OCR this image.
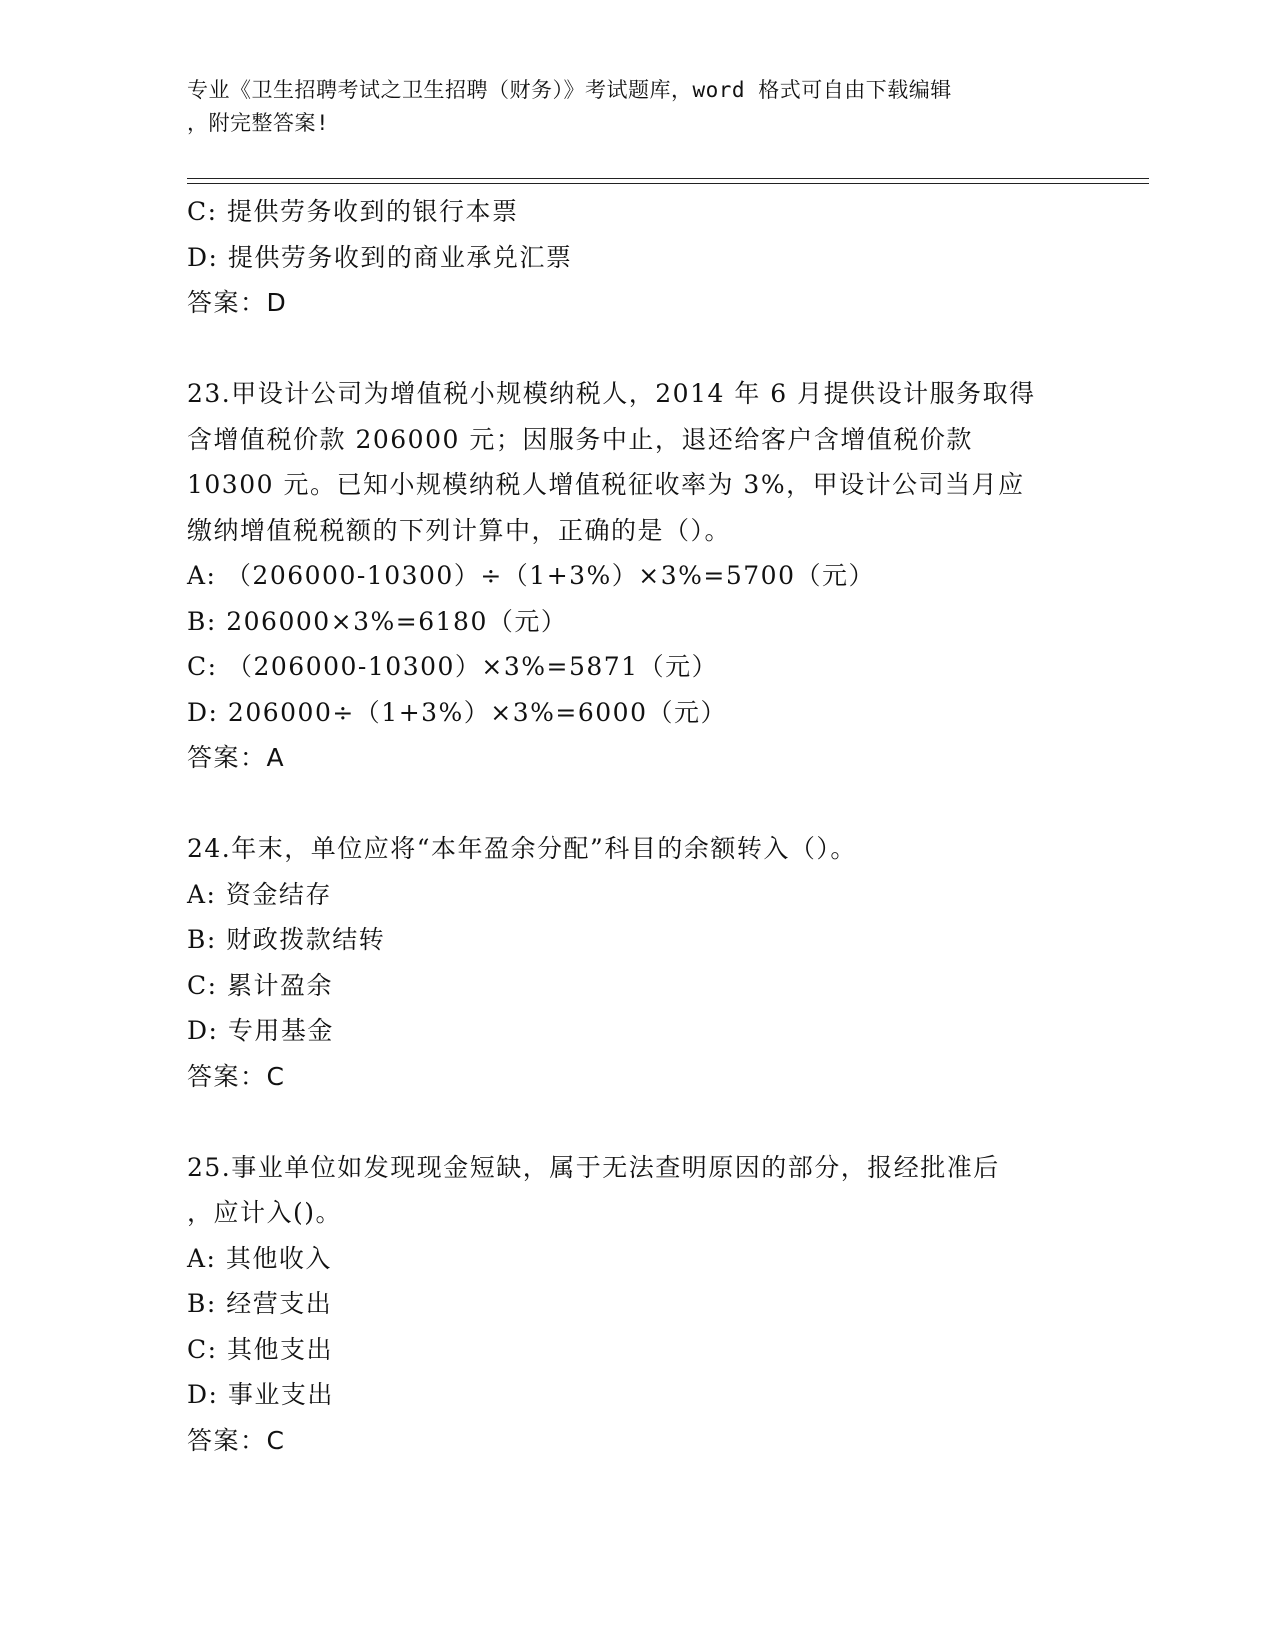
专业《卫生招聘考试之卫生招聘（财务）》考试题库，word 格式可自由下载编辑
，附完整答案!
C: 提供劳务收到的银行本票
D: 提供劳务收到的商业承兑汇票
答案：D
23.甲设计公司为增值税小规模纳税人，2014 年 6 月提供设计服务取得
含增值税价款 206000 元；因服务中止，退还给客户含增值税价款
10300 元。已知小规模纳税人增值税征收率为 3%，甲设计公司当月应
缴纳增值税税额的下列计算中，正确的是（）。
A: （206000-10300）÷（1+3%）×3%=5700（元）
B: 206000×3%=6180（元）
C: （206000-10300）×3%=5871（元）
D: 206000÷（1+3%）×3%=6000（元）
答案：A
24.年末，单位应将“本年盈余分配”科目的余额转入（）。
A: 资金结存
B: 财政拨款结转
C: 累计盈余
D: 专用基金
答案：C
25.事业单位如发现现金短缺，属于无法查明原因的部分，报经批准后
，应计入()。
A: 其他收入
B: 经营支出
C: 其他支出
D: 事业支出
答案：C
